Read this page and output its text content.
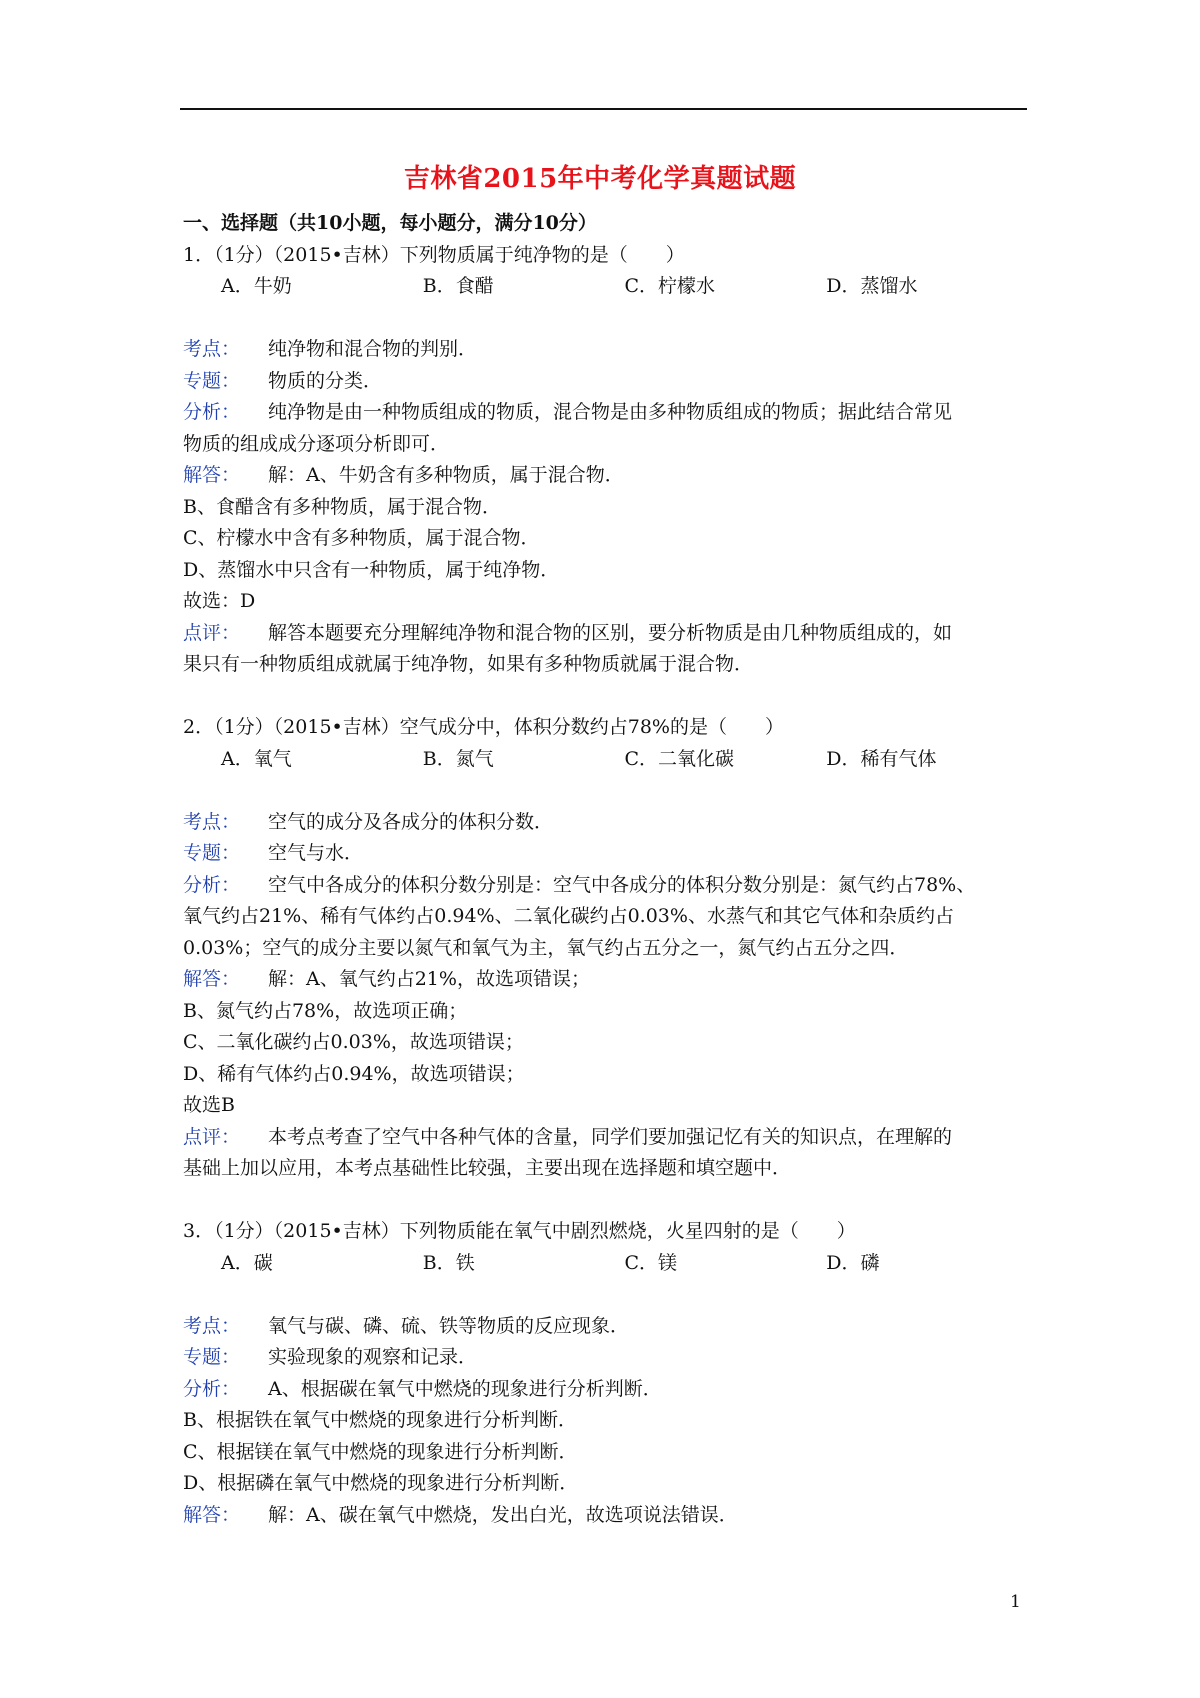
吉林省2015年中考化学真题试题
一、选择题（共10小题，每小题分，满分10分）
1．（1分）（2015•吉林）下列物质属于纯净物的是（　　）
A．牛奶	B．食醋	C．柠檬水	D．蒸馏水
考点： 纯净物和混合物的判别．
专题： 物质的分类．
分析： 纯净物是由一种物质组成的物质，混合物是由多种物质组成的物质；据此结合常见
物质的组成成分逐项分析即可．
解答： 解：A、牛奶含有多种物质，属于混合物．
B、食醋含有多种物质，属于混合物．
C、柠檬水中含有多种物质，属于混合物．
D、蒸馏水中只含有一种物质，属于纯净物．
故选：D
点评： 解答本题要充分理解纯净物和混合物的区别，要分析物质是由几种物质组成的，如
果只有一种物质组成就属于纯净物，如果有多种物质就属于混合物．
2．（1分）（2015•吉林）空气成分中，体积分数约占78%的是（　　）
A．氧气	B．氮气	C．二氧化碳	D．稀有气体
考点： 空气的成分及各成分的体积分数．
专题： 空气与水．
分析： 空气中各成分的体积分数分别是：空气中各成分的体积分数分别是：氮气约占78%、
氧气约占21%、稀有气体约占0.94%、二氧化碳约占0.03%、水蒸气和其它气体和杂质约占
0.03%；空气的成分主要以氮气和氧气为主，氧气约占五分之一，氮气约占五分之四．
解答： 解：A、氧气约占21%，故选项错误；
B、氮气约占78%，故选项正确；
C、二氧化碳约占0.03%，故选项错误；
D、稀有气体约占0.94%，故选项错误；
故选B
点评： 本考点考查了空气中各种气体的含量，同学们要加强记忆有关的知识点，在理解的
基础上加以应用，本考点基础性比较强，主要出现在选择题和填空题中．
3．（1分）（2015•吉林）下列物质能在氧气中剧烈燃烧，火星四射的是（　　）
A．碳	B．铁	C．镁	D．磷
考点： 氧气与碳、磷、硫、铁等物质的反应现象．
专题： 实验现象的观察和记录．
分析： A、根据碳在氧气中燃烧的现象进行分析判断．
B、根据铁在氧气中燃烧的现象进行分析判断．
C、根据镁在氧气中燃烧的现象进行分析判断．
D、根据磷在氧气中燃烧的现象进行分析判断．
解答： 解：A、碳在氧气中燃烧，发出白光，故选项说法错误．
1
